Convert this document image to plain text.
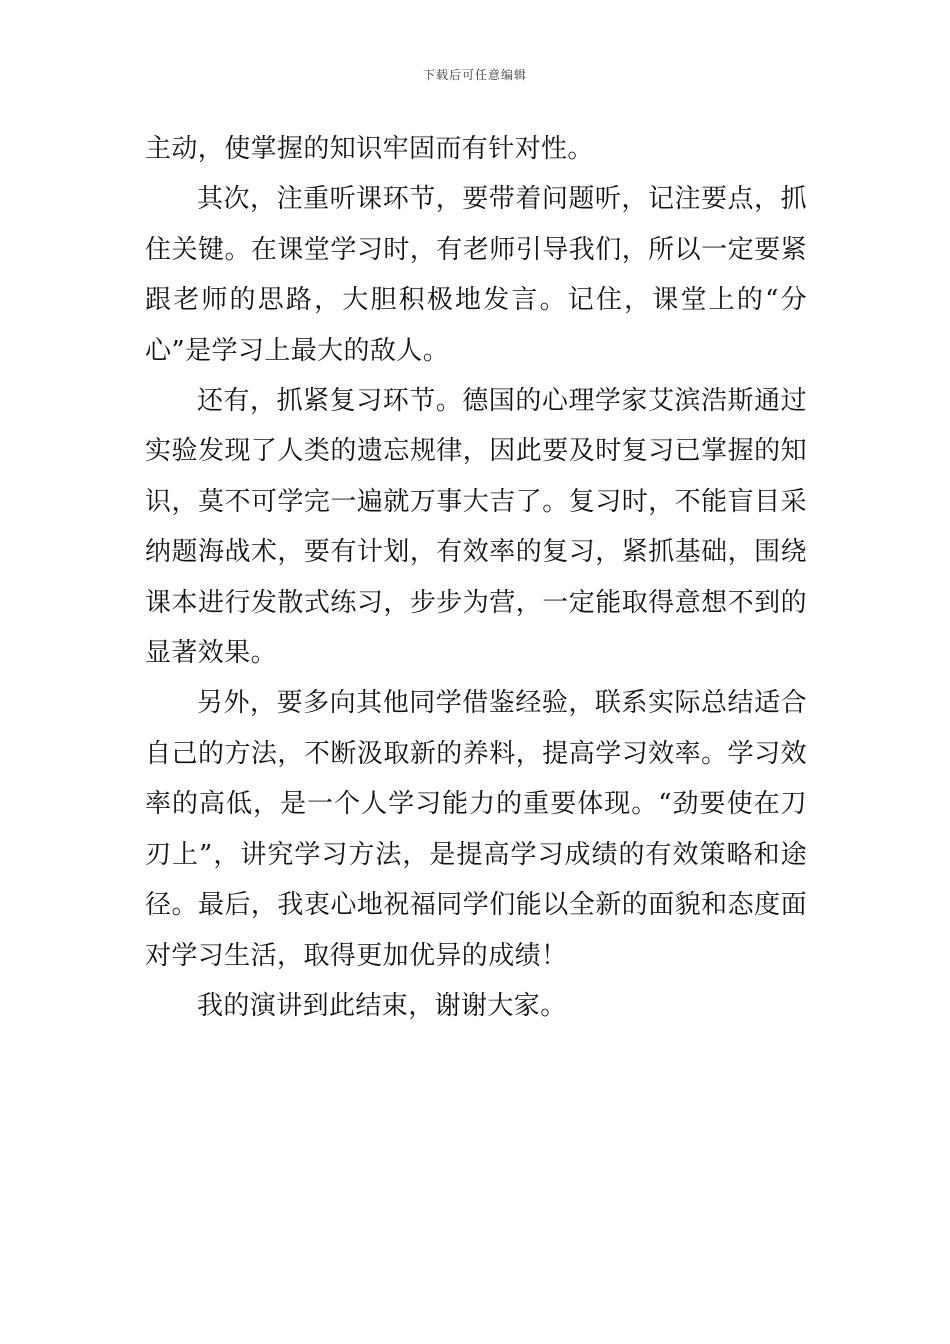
下载后可任意编辑

主动，使掌握的知识牢固而有针对性。

其次，注重听课环节，要带着问题听，记注要点，抓住关键。在课堂学习时，有老师引导我们，所以一定要紧跟老师的思路，大胆积极地发言。记住，课堂上的“分心”是学习上最大的敌人。

还有，抓紧复习环节。德国的心理学家艾滨浩斯通过实验发现了人类的遗忘规律，因此要及时复习已掌握的知识，莫不可学完一遍就万事大吉了。复习时，不能盲目采纳题海战术，要有计划，有效率的复习，紧抓基础，围绕课本进行发散式练习，步步为营，一定能取得意想不到的显著效果。

另外，要多向其他同学借鉴经验，联系实际总结适合自己的方法，不断汲取新的养料，提高学习效率。学习效率的高低，是一个人学习能力的重要体现。“劲要使在刀刃上”，讲究学习方法，是提高学习成绩的有效策略和途径。最后，我衷心地祝福同学们能以全新的面貌和态度面对学习生活，取得更加优异的成绩！

我的演讲到此结束，谢谢大家。
